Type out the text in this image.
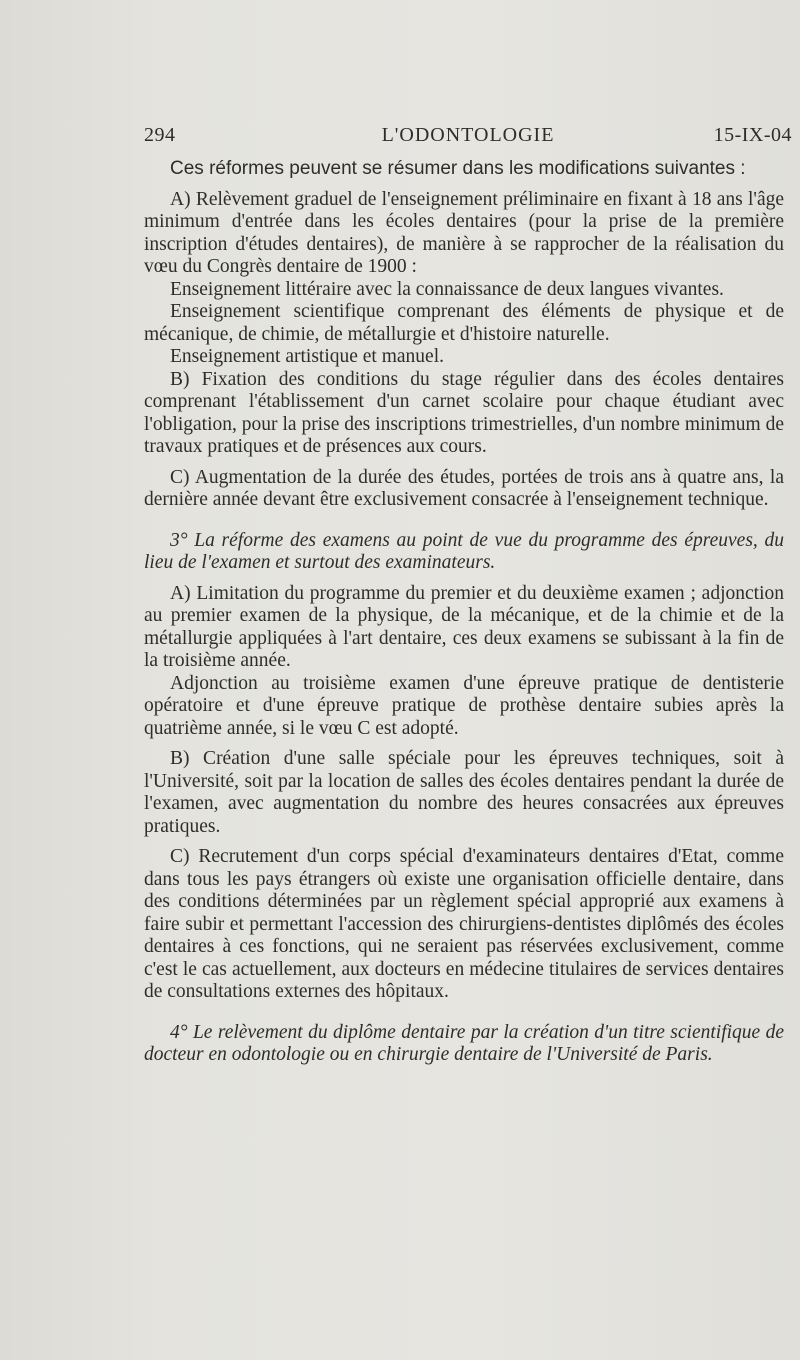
294	L'ODONTOLOGIE	15-IX-04

Ces réformes peuvent se résumer dans les modifications suivantes :

A) Relèvement graduel de l'enseignement préliminaire en fixant à 18 ans l'âge minimum d'entrée dans les écoles dentaires (pour la prise de la première inscription d'études dentaires), de manière à se rapprocher de la réalisation du vœu du Congrès dentaire de 1900 :

Enseignement littéraire avec la connaissance de deux langues vivantes.

Enseignement scientifique comprenant des éléments de physique et de mécanique, de chimie, de métallurgie et d'histoire naturelle.

Enseignement artistique et manuel.

B) Fixation des conditions du stage régulier dans des écoles dentaires comprenant l'établissement d'un carnet scolaire pour chaque étudiant avec l'obligation, pour la prise des inscriptions trimestrielles, d'un nombre minimum de travaux pratiques et de présences aux cours.

C) Augmentation de la durée des études, portées de trois ans à quatre ans, la dernière année devant être exclusivement consacrée à l'enseignement technique.

3° La réforme des examens au point de vue du programme des épreuves, du lieu de l'examen et surtout des examinateurs.

A) Limitation du programme du premier et du deuxième examen ; adjonction au premier examen de la physique, de la mécanique, et de la chimie et de la métallurgie appliquées à l'art dentaire, ces deux examens se subissant à la fin de la troisième année.

Adjonction au troisième examen d'une épreuve pratique de dentisterie opératoire et d'une épreuve pratique de prothèse dentaire subies après la quatrième année, si le vœu C est adopté.

B) Création d'une salle spéciale pour les épreuves techniques, soit à l'Université, soit par la location de salles des écoles dentaires pendant la durée de l'examen, avec augmentation du nombre des heures consacrées aux épreuves pratiques.

C) Recrutement d'un corps spécial d'examinateurs dentaires d'Etat, comme dans tous les pays étrangers où existe une organisation officielle dentaire, dans des conditions déterminées par un règlement spécial approprié aux examens à faire subir et permettant l'accession des chirurgiens-dentistes diplômés des écoles dentaires à ces fonctions, qui ne seraient pas réservées exclusivement, comme c'est le cas actuellement, aux docteurs en médecine titulaires de services dentaires de consultations externes des hôpitaux.

4° Le relèvement du diplôme dentaire par la création d'un titre scientifique de docteur en odontologie ou en chirurgie dentaire de l'Université de Paris.
